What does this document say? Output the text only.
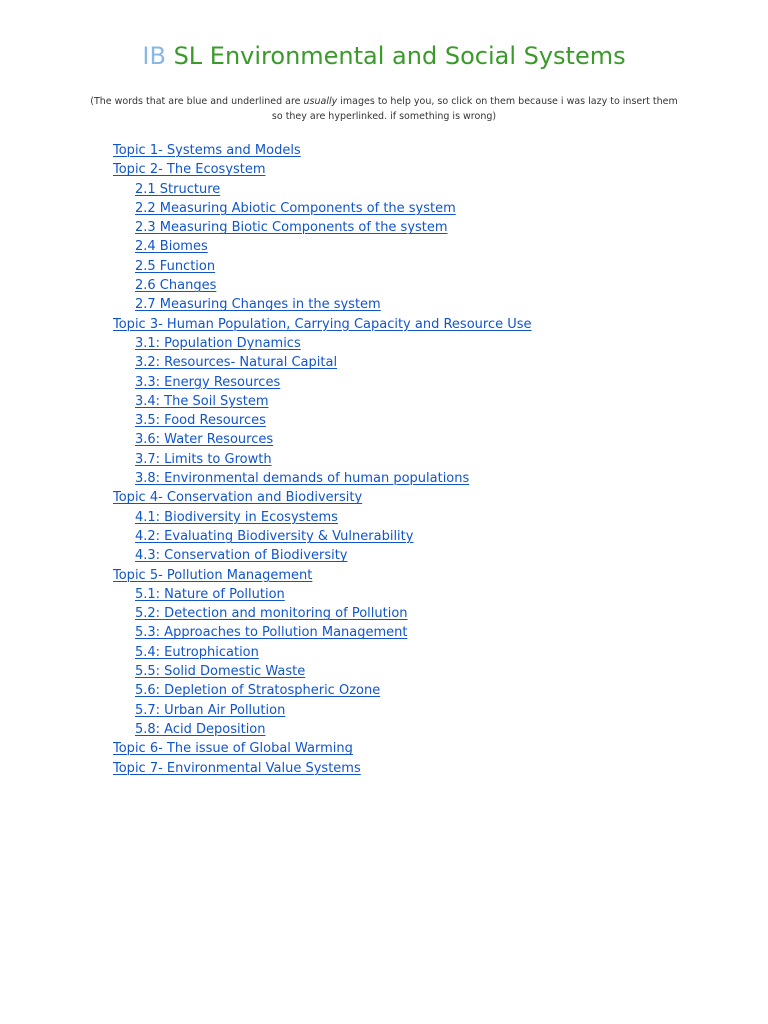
IB SL Environmental and Social Systems

(The words that are blue and underlined are usually images to help you, so click on them because i was lazy to insert them so they are hyperlinked. if something is wrong)

Topic 1- Systems and Models
Topic 2- The Ecosystem
2.1 Structure
2.2 Measuring Abiotic Components of the system
2.3 Measuring Biotic Components of the system
2.4 Biomes
2.5 Function
2.6 Changes
2.7 Measuring Changes in the system
Topic 3- Human Population, Carrying Capacity and Resource Use
3.1: Population Dynamics
3.2: Resources- Natural Capital
3.3: Energy Resources
3.4: The Soil System
3.5: Food Resources
3.6: Water Resources
3.7: Limits to Growth
3.8: Environmental demands of human populations
Topic 4- Conservation and Biodiversity
4.1: Biodiversity in Ecosystems
4.2: Evaluating Biodiversity & Vulnerability
4.3: Conservation of Biodiversity
Topic 5- Pollution Management
5.1: Nature of Pollution
5.2: Detection and monitoring of Pollution
5.3: Approaches to Pollution Management
5.4: Eutrophication
5.5: Solid Domestic Waste
5.6: Depletion of Stratospheric Ozone
5.7: Urban Air Pollution
5.8: Acid Deposition
Topic 6- The issue of Global Warming
Topic 7- Environmental Value Systems
